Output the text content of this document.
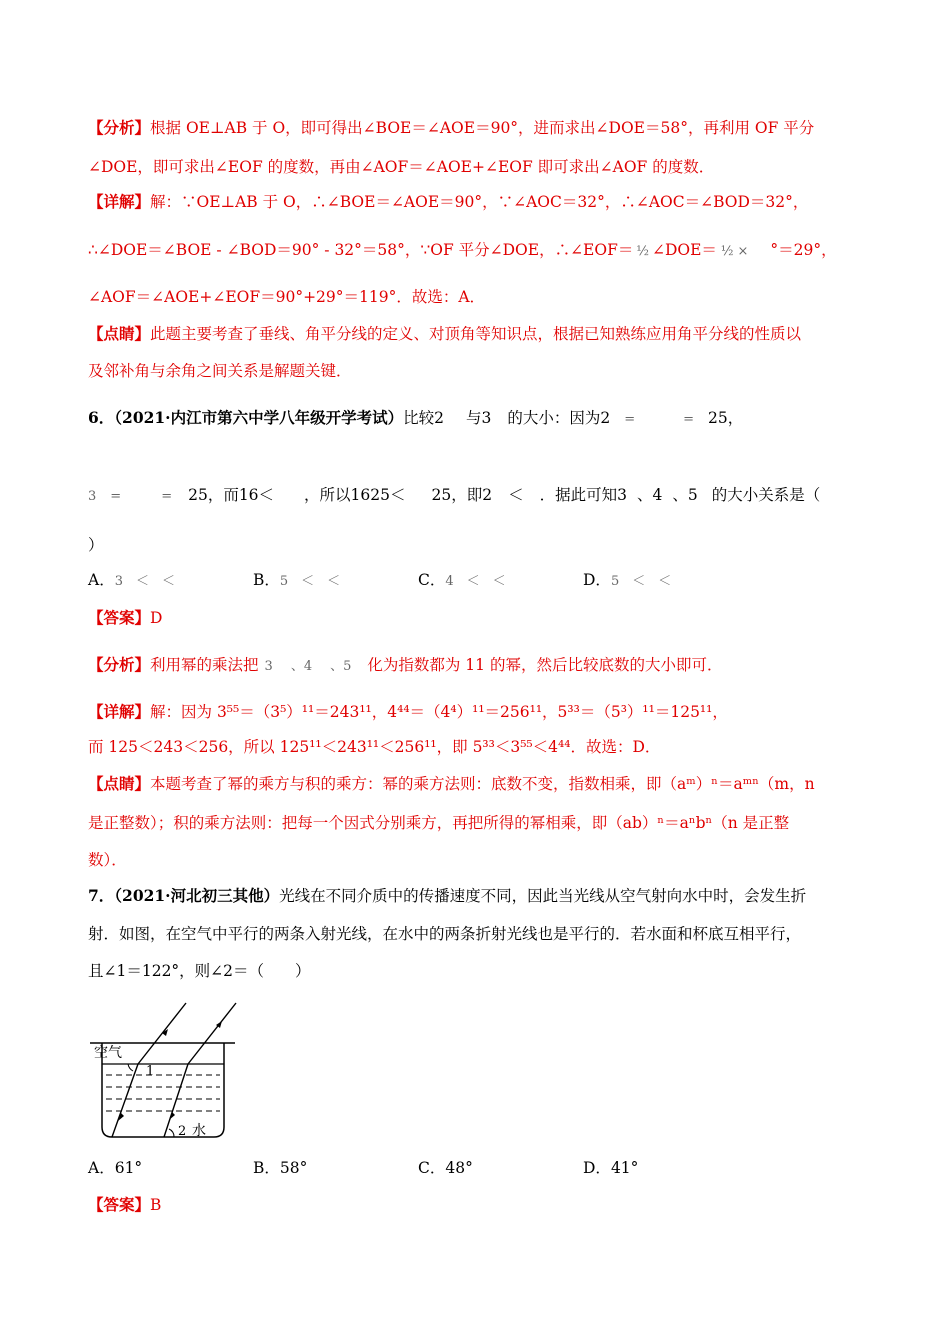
【分析】根据 OE⊥AB 于 O，即可得出∠BOE＝∠AOE＝90°，进而求出∠DOE＝58°，再利用 OF 平分
∠DOE，即可求出∠EOF 的度数，再由∠AOF＝∠AOE+∠EOF 即可求出∠AOF 的度数．
【详解】解：∵OE⊥AB 于 O，∴∠BOE＝∠AOE＝90°，∵∠AOC＝32°，∴∠AOC＝∠BOD＝32°，
∴∠DOE＝∠BOE - ∠BOD＝90° - 32°＝58°，∵OF 平分∠DOE，∴∠EOF＝ ½ ∠DOE＝ ½ × °＝29°，
∠AOF＝∠AOE+∠EOF＝90°+29°＝119°．故选：A．
【点睛】此题主要考查了垂线、角平分线的定义、对顶角等知识点，根据已知熟练应用角平分线的性质以
及邻补角与余角之间关系是解题关键．
6．（2021·内江市第六中学八年级开学考试）比较2 与3 的大小：因为2 =	= 25，
3 =	= 25，而16＜ ，所以1625＜ 25，即2 ＜ ．据此可知3 、4 、5 的大小关系是（
）
A．3　＜　＜	B．5　＜　＜	C．4　＜　＜	D．5　＜　＜
【答案】D
【分析】利用幂的乘法把 3 、4 、5 化为指数都为 11 的幂，然后比较底数的大小即可．
【详解】解：因为 3⁵⁵＝（3⁵）¹¹＝243¹¹，4⁴⁴＝（4⁴）¹¹＝256¹¹，5³³＝（5³）¹¹＝125¹¹，
而 125＜243＜256，所以 125¹¹＜243¹¹＜256¹¹，即 5³³＜3⁵⁵＜4⁴⁴．故选：D．
【点睛】本题考查了幂的乘方与积的乘方：幂的乘方法则：底数不变，指数相乘，即（aᵐ）ⁿ＝aᵐⁿ（m，n
是正整数）；积的乘方法则：把每一个因式分别乘方，再把所得的幂相乘，即（ab）ⁿ＝aⁿbⁿ（n 是正整
数）．
7．（2021·河北初三其他）光线在不同介质中的传播速度不同，因此当光线从空气射向水中时，会发生折
射．如图，在空气中平行的两条入射光线，在水中的两条折射光线也是平行的．若水面和杯底互相平行，
且∠1＝122°，则∠2＝（　　）
空气
1
2 水
A．61°	B．58°	C．48°	D．41°
【答案】B
